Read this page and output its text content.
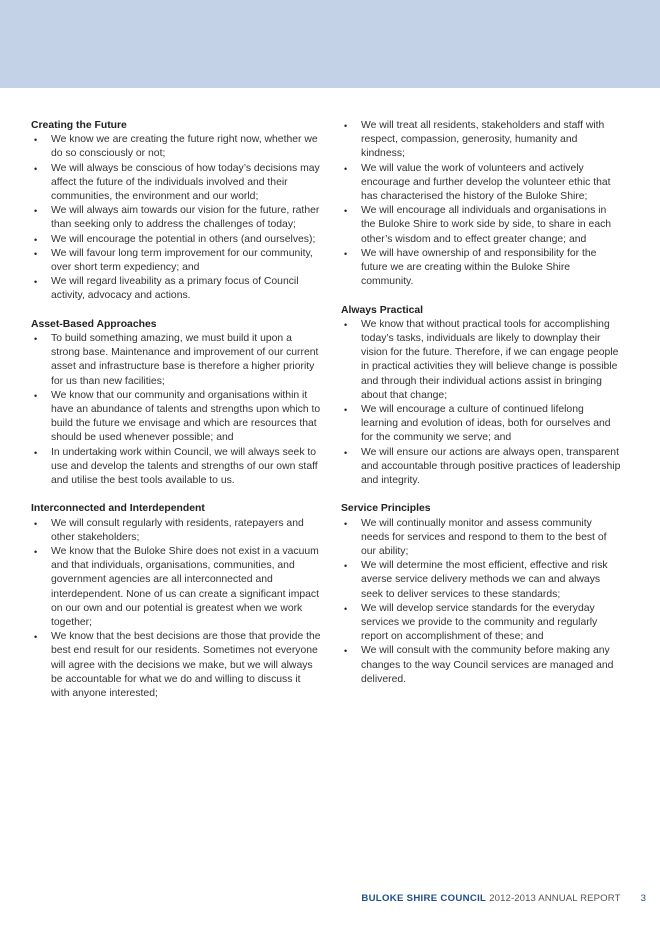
Creating the Future

• We know we are creating the future right now, whether we do so consciously or not;
• We will always be conscious of how today’s decisions may affect the future of the individuals involved and their communities, the environment and our world;
• We will always aim towards our vision for the future, rather than seeking only to address the challenges of today;
• We will encourage the potential in others (and ourselves);
• We will favour long term improvement for our community, over short term expediency; and
• We will regard liveability as a primary focus of Council activity, advocacy and actions.

Asset-Based Approaches

• To build something amazing, we must build it upon a strong base. Maintenance and improvement of our current asset and infrastructure base is therefore a higher priority for us than new facilities;
• We know that our community and organisations within it have an abundance of talents and strengths upon which to build the future we envisage and which are resources that should be used whenever possible; and
• In undertaking work within Council, we will always seek to use and develop the talents and strengths of our own staff and utilise the best tools available to us.

Interconnected and Interdependent

• We will consult regularly with residents, ratepayers and other stakeholders;
• We know that the Buloke Shire does not exist in a vacuum and that individuals, organisations, communities, and government agencies are all interconnected and interdependent. None of us can create a significant impact on our own and our potential is greatest when we work together;
• We know that the best decisions are those that provide the best end result for our residents. Sometimes not everyone will agree with the decisions we make, but we will always be accountable for what we do and willing to discuss it with anyone interested;
• We will treat all residents, stakeholders and staff with respect, compassion, generosity, humanity and kindness;
• We will value the work of volunteers and actively encourage and further develop the volunteer ethic that has characterised the history of the Buloke Shire;
• We will encourage all individuals and organisations in the Buloke Shire to work side by side, to share in each other’s wisdom and to effect greater change; and
• We will have ownership of and responsibility for the future we are creating within the Buloke Shire community.

Always Practical

• We know that without practical tools for accomplishing today’s tasks, individuals are likely to downplay their vision for the future. Therefore, if we can engage people in practical activities they will believe change is possible and through their individual actions assist in bringing about that change;
• We will encourage a culture of continued lifelong learning and evolution of ideas, both for ourselves and for the community we serve; and
• We will ensure our actions are always open, transparent and accountable through positive practices of leadership and integrity.

Service Principles

• We will continually monitor and assess community needs for services and respond to them to the best of our ability;
• We will determine the most efficient, effective and risk averse service delivery methods we can and always seek to deliver services to these standards;
• We will develop service standards for the everyday services we provide to the community and regularly report on accomplishment of these; and
• We will consult with the community before making any changes to the way Council services are managed and delivered.
BULOKE SHIRE COUNCIL 2012-2013 ANNUAL REPORT 3
